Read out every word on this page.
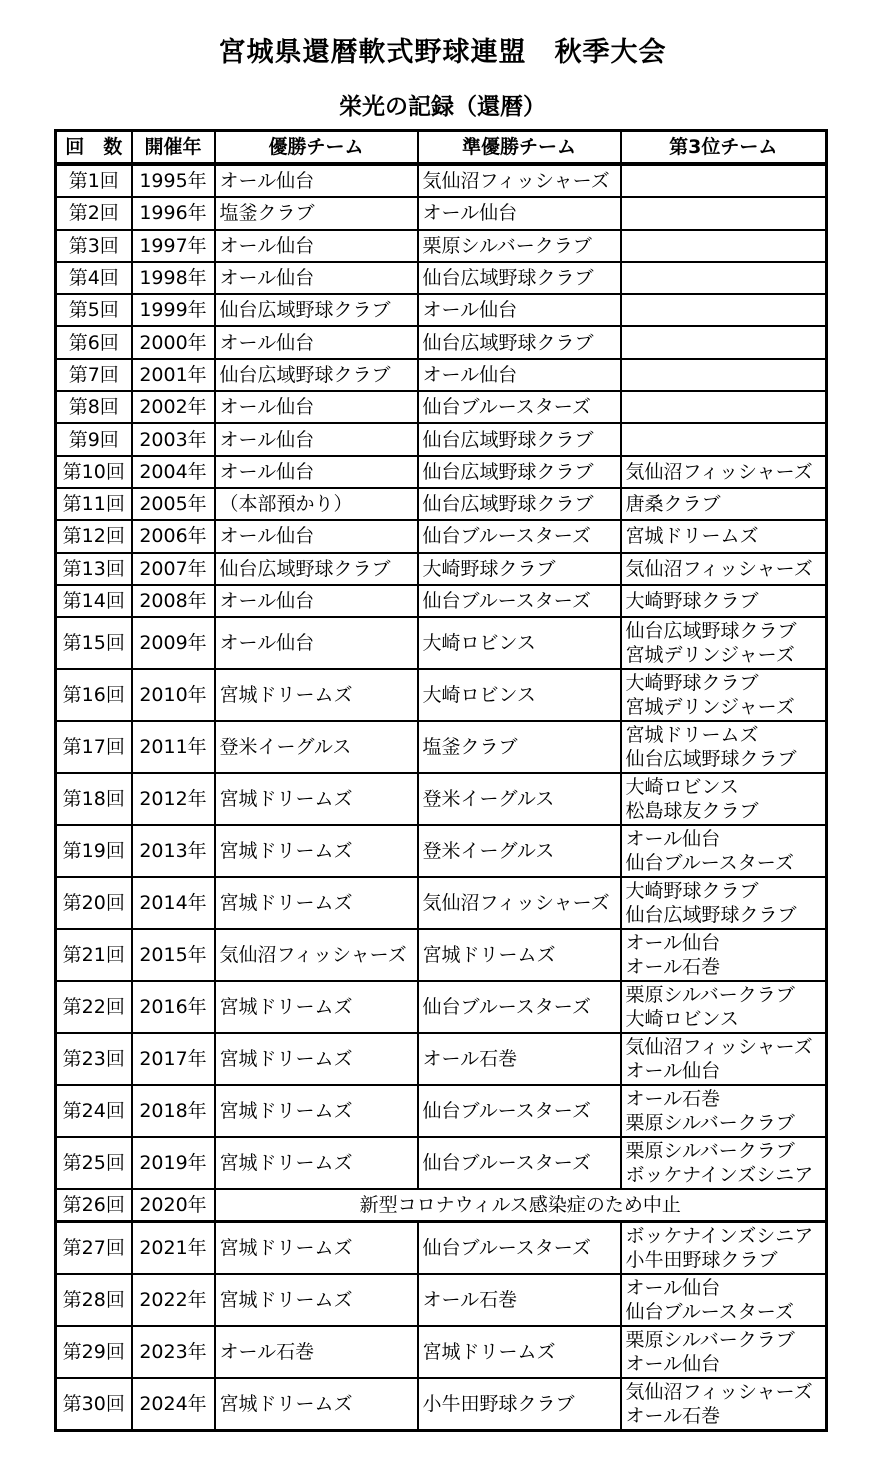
宮城県還暦軟式野球連盟　秋季大会
栄光の記録（還暦）
回　数	開催年	優勝チーム	準優勝チーム	第3位チーム
第1回	1995年	オール仙台	気仙沼フィッシャーズ	

第2回	1996年	塩釜クラブ	オール仙台	

第3回	1997年	オール仙台	栗原シルバークラブ	

第4回	1998年	オール仙台	仙台広域野球クラブ	

第5回	1999年	仙台広域野球クラブ	オール仙台	

第6回	2000年	オール仙台	仙台広域野球クラブ	

第7回	2001年	仙台広域野球クラブ	オール仙台	

第8回	2002年	オール仙台	仙台ブルースターズ	

第9回	2003年	オール仙台	仙台広域野球クラブ	

第10回	2004年	オール仙台	仙台広域野球クラブ	気仙沼フィッシャーズ

第11回	2005年	（本部預かり）	仙台広域野球クラブ	唐桑クラブ

第12回	2006年	オール仙台	仙台ブルースターズ	宮城ドリームズ

第13回	2007年	仙台広域野球クラブ	大崎野球クラブ	気仙沼フィッシャーズ

第14回	2008年	オール仙台	仙台ブルースターズ	大崎野球クラブ

第15回	2009年	オール仙台	大崎ロビンス	仙台広域野球クラブ
宮城デリンジャーズ

第16回	2010年	宮城ドリームズ	大崎ロビンス	大崎野球クラブ
宮城デリンジャーズ

第17回	2011年	登米イーグルス	塩釜クラブ	宮城ドリームズ
仙台広域野球クラブ

第18回	2012年	宮城ドリームズ	登米イーグルス	大崎ロビンス
松島球友クラブ

第19回	2013年	宮城ドリームズ	登米イーグルス	オール仙台
仙台ブルースターズ

第20回	2014年	宮城ドリームズ	気仙沼フィッシャーズ	大崎野球クラブ
仙台広域野球クラブ

第21回	2015年	気仙沼フィッシャーズ	宮城ドリームズ	オール仙台
オール石巻

第22回	2016年	宮城ドリームズ	仙台ブルースターズ	栗原シルバークラブ
大崎ロビンス

第23回	2017年	宮城ドリームズ	オール石巻	気仙沼フィッシャーズ
オール仙台

第24回	2018年	宮城ドリームズ	仙台ブルースターズ	オール石巻
栗原シルバークラブ

第25回	2019年	宮城ドリームズ	仙台ブルースターズ	栗原シルバークラブ
ボッケナインズシニア

第26回	2020年	新型コロナウィルス感染症のため中止		
第27回	2021年	宮城ドリームズ	仙台ブルースターズ	ボッケナインズシニア
小牛田野球クラブ

第28回	2022年	宮城ドリームズ	オール石巻	オール仙台
仙台ブルースターズ

第29回	2023年	オール石巻	宮城ドリームズ	栗原シルバークラブ
オール仙台

第30回	2024年	宮城ドリームズ	小牛田野球クラブ	気仙沼フィッシャーズ
オール石巻
